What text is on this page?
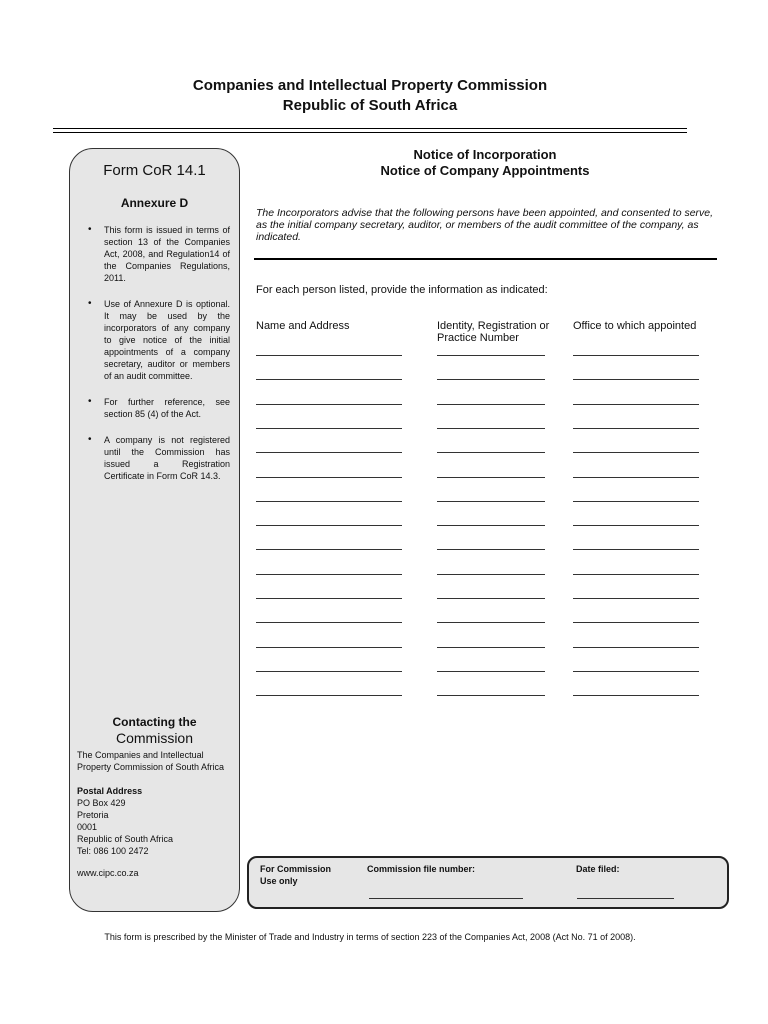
Companies and Intellectual Property Commission
Republic of South Africa
Form CoR 14.1
Annexure D
• This form is issued in terms of section 13 of the Companies Act, 2008, and Regulation14 of the Companies Regulations, 2011.
• Use of Annexure D is optional. It may be used by the incorporators of any company to give notice of the initial appointments of a company secretary, auditor or members of an audit committee.
• For further reference, see section 85 (4) of the Act.
• A company is not registered until the Commission has issued a Registration Certificate in Form CoR 14.3.
Contacting the
Commission
The Companies and Intellectual Property Commission of South Africa
Postal Address
PO Box 429
Pretoria
0001
Republic of South Africa
Tel: 086 100 2472
www.cipc.co.za
Notice of Incorporation
Notice of Company Appointments
The Incorporators advise that the following persons have been appointed, and consented to serve, as the initial company secretary, auditor, or members of the audit committee of the company, as indicated.
For each person listed, provide the information as indicated:
Name and Address	Identity, Registration or Practice Number
Office to which appointed
For Commission Use only
Commission file number:	Date filed:
This form is prescribed by the Minister of Trade and Industry in terms of section 223 of the Companies Act, 2008 (Act No. 71 of 2008).
